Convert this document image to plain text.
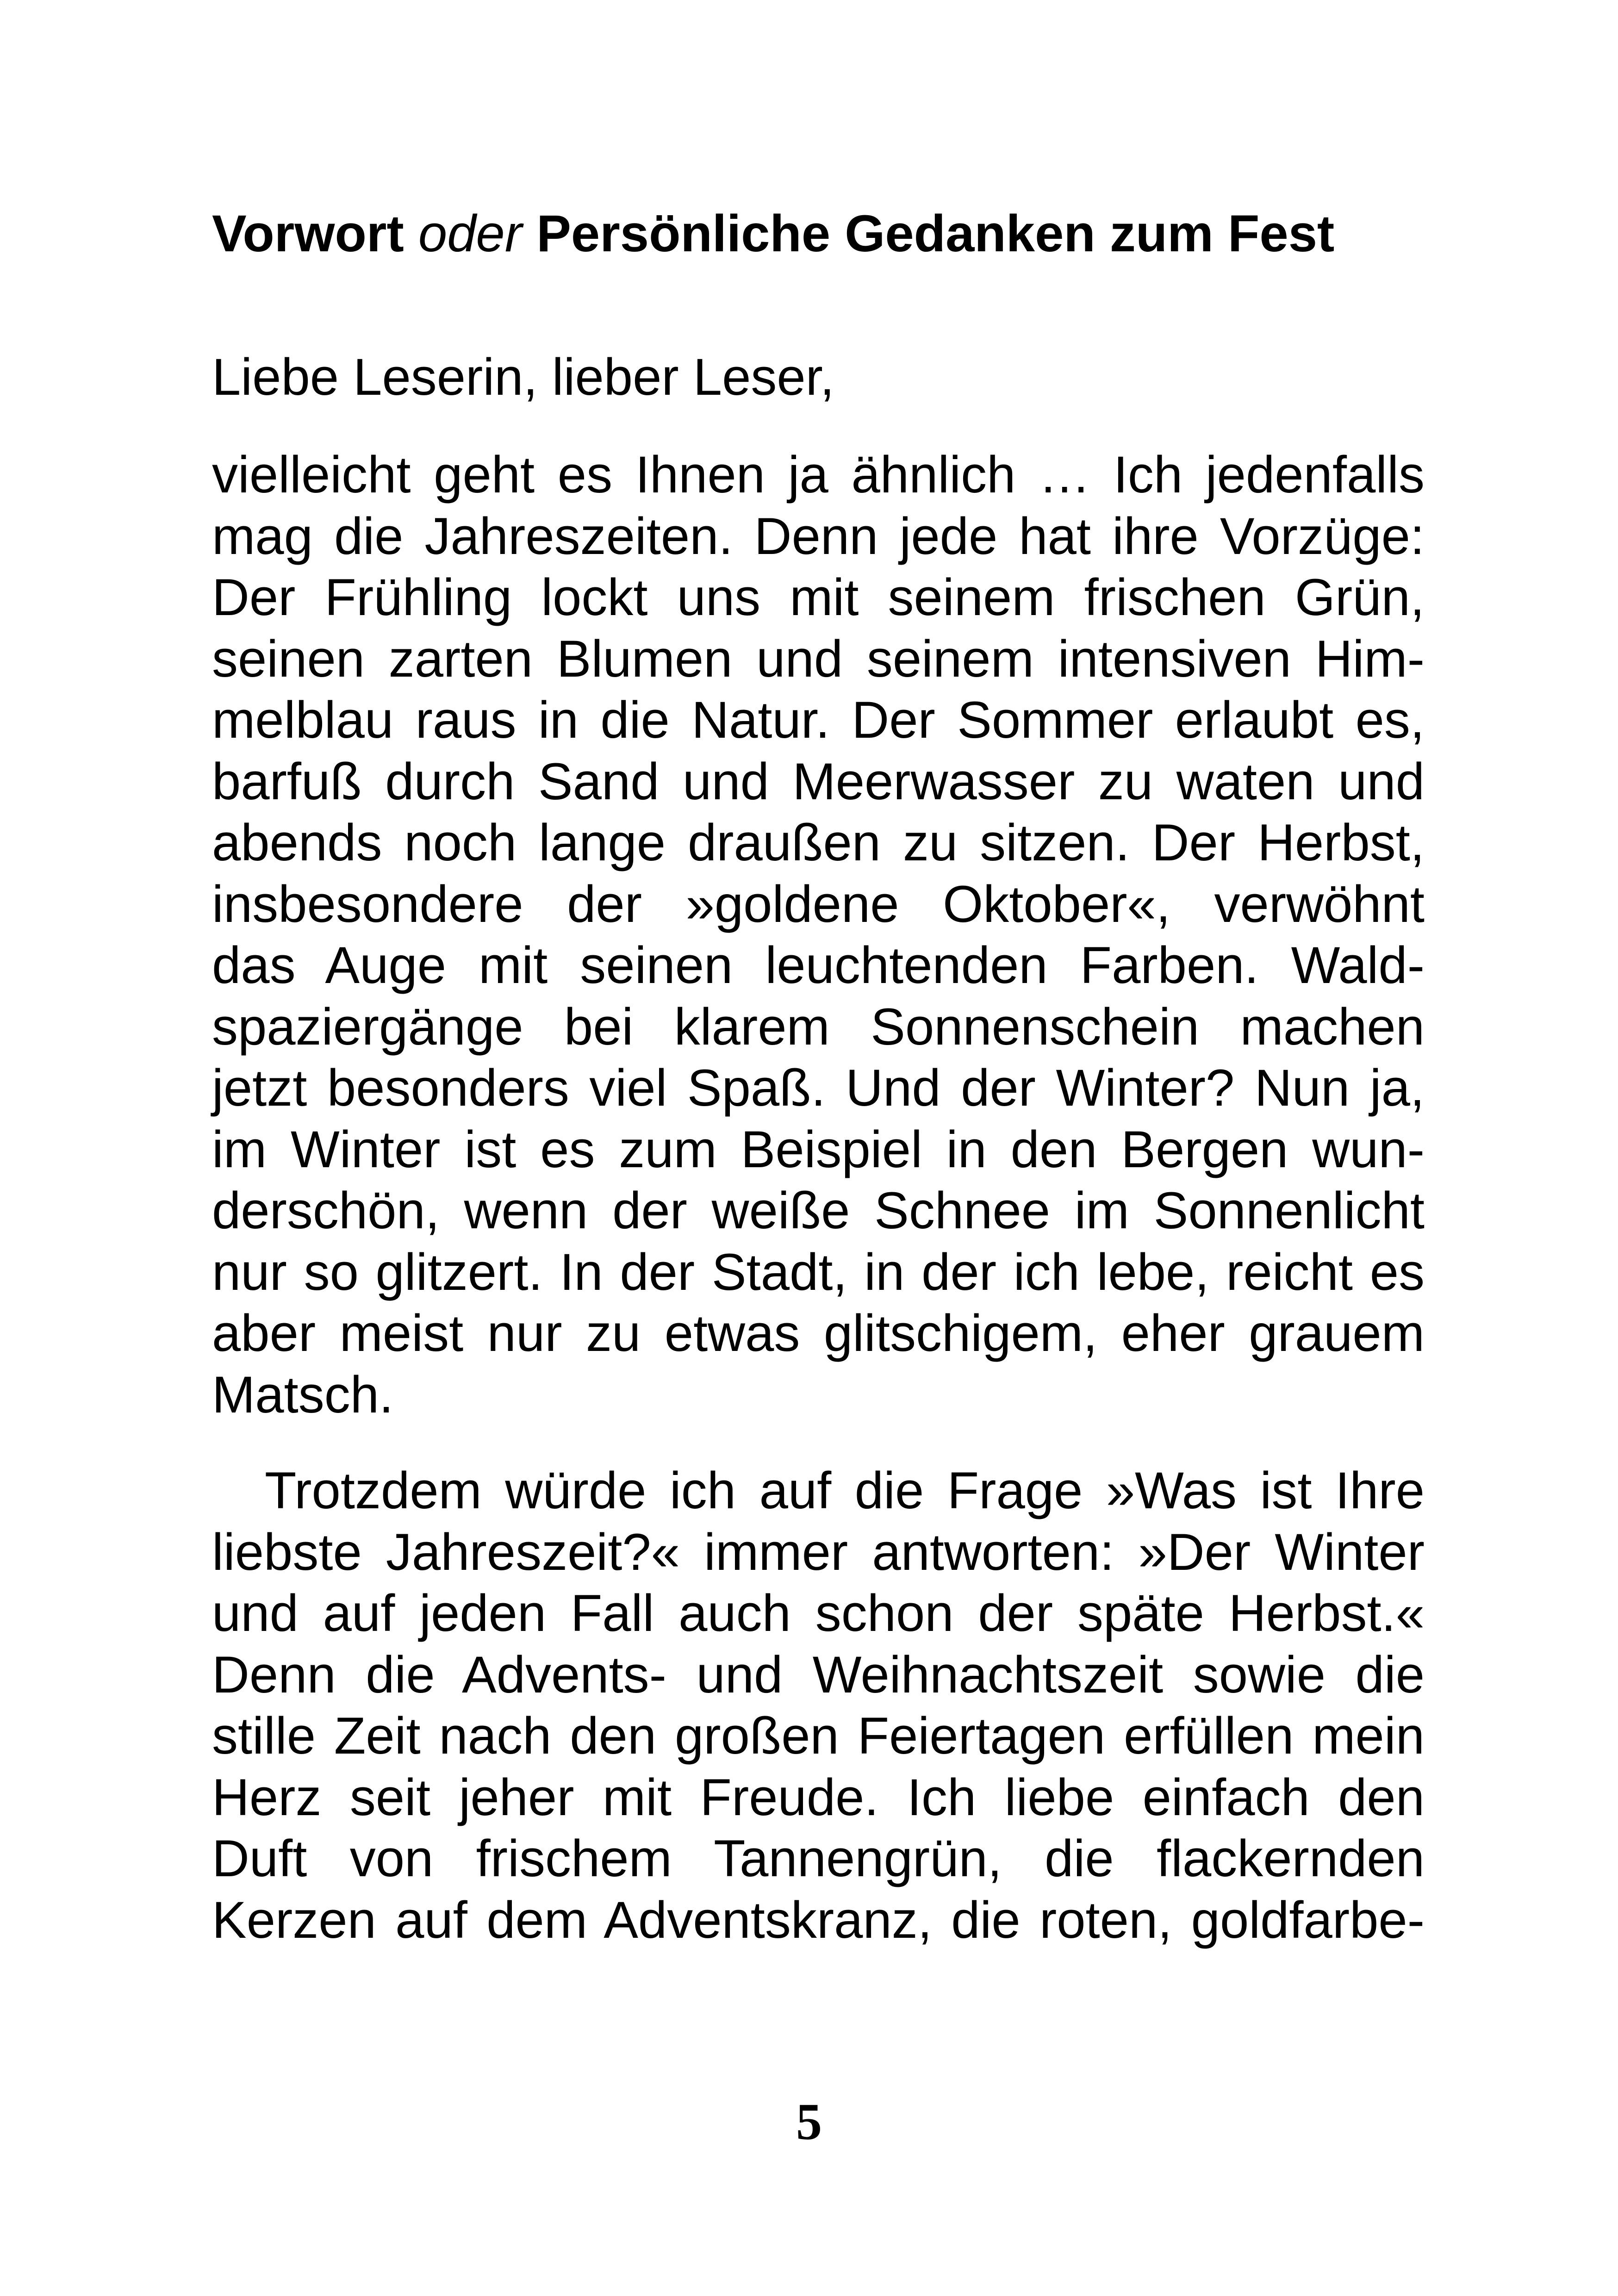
Vorwort oder Persönliche Gedanken zum Fest

Liebe Leserin, lieber Leser,

vielleicht geht es Ihnen ja ähnlich … Ich jedenfalls
mag die Jahreszeiten. Denn jede hat ihre Vorzüge:
Der Frühling lockt uns mit seinem frischen Grün,
seinen zarten Blumen und seinem intensiven Him-
melblau raus in die Natur. Der Sommer erlaubt es,
barfuß durch Sand und Meerwasser zu waten und
abends noch lange draußen zu sitzen. Der Herbst,
insbesondere der »goldene Oktober«, verwöhnt
das Auge mit seinen leuchtenden Farben. Wald-
spaziergänge bei klarem Sonnenschein machen
jetzt besonders viel Spaß. Und der Winter? Nun ja,
im Winter ist es zum Beispiel in den Bergen wun-
derschön, wenn der weiße Schnee im Sonnenlicht
nur so glitzert. In der Stadt, in der ich lebe, reicht es
aber meist nur zu etwas glitschigem, eher grauem
Matsch.
Trotzdem würde ich auf die Frage »Was ist Ihre
liebste Jahreszeit?« immer antworten: »Der Winter
und auf jeden Fall auch schon der späte Herbst.«
Denn die Advents- und Weihnachtszeit sowie die
stille Zeit nach den großen Feiertagen erfüllen mein
Herz seit jeher mit Freude. Ich liebe einfach den
Duft von frischem Tannengrün, die flackernden
Kerzen auf dem Adventskranz, die roten, goldfarbe-

5
